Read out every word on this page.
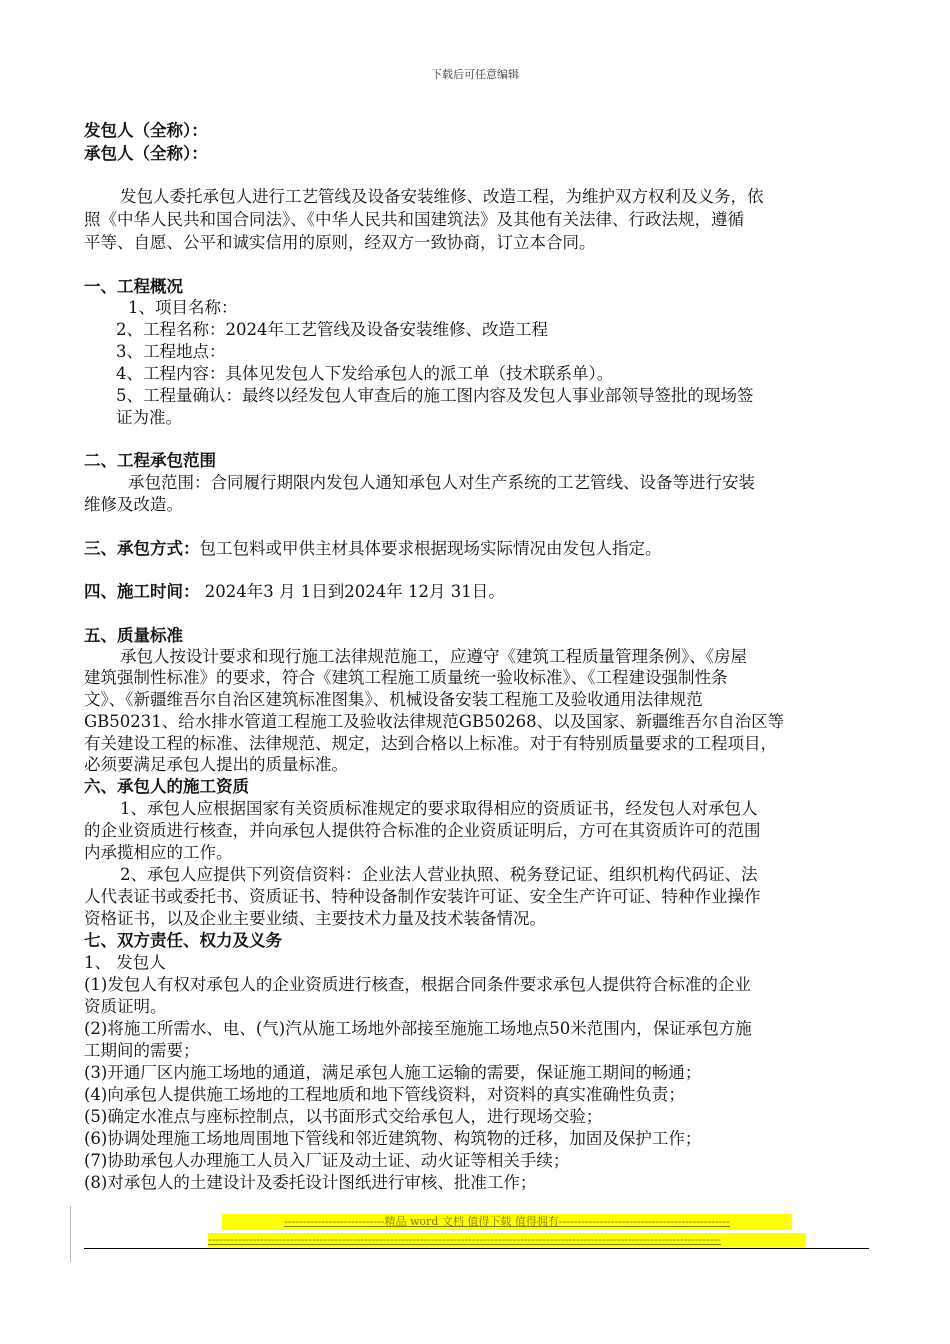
下载后可任意编辑
发包人（全称）：
承包人（全称）：
发包人委托承包人进行工艺管线及设备安装维修、改造工程，为维护双方权利及义务，依
照《中华人民共和国合同法》、《中华人民共和国建筑法》及其他有关法律、行政法规，遵循
平等、自愿、公平和诚实信用的原则，经双方一致协商，订立本合同。
一、工程概况
1、项目名称：
2、工程名称：2024年工艺管线及设备安装维修、改造工程
3、工程地点：
4、工程内容：具体见发包人下发给承包人的派工单（技术联系单）。
5、工程量确认：最终以经发包人审查后的施工图内容及发包人事业部领导签批的现场签
证为准。
二、工程承包范围
承包范围：合同履行期限内发包人通知承包人对生产系统的工艺管线、设备等进行安装
维修及改造。
三、承包方式：包工包料或甲供主材具体要求根据现场实际情况由发包人指定。
四、施工时间： 2024年3 月 1日到2024年 12月 31日。
五、质量标准
承包人按设计要求和现行施工法律规范施工，应遵守《建筑工程质量管理条例》、《房屋
建筑强制性标准》的要求，符合《建筑工程施工质量统一验收标准》、《工程建设强制性条
文》、《新疆维吾尔自治区建筑标准图集》、机械设备安装工程施工及验收通用法律规范
GB50231、给水排水管道工程施工及验收法律规范GB50268、以及国家、新疆维吾尔自治区等
有关建设工程的标准、法律规范、规定，达到合格以上标准。对于有特别质量要求的工程项目，
必须要满足承包人提出的质量标准。
六、承包人的施工资质
1、承包人应根据国家有关资质标准规定的要求取得相应的资质证书，经发包人对承包人
的企业资质进行核查，并向承包人提供符合标准的企业资质证明后，方可在其资质许可的范围
内承揽相应的工作。
2、承包人应提供下列资信资料：企业法人营业执照、税务登记证、组织机构代码证、法
人代表证书或委托书、资质证书、特种设备制作安装许可证、安全生产许可证、特种作业操作
资格证书，以及企业主要业绩、主要技术力量及技术装备情况。
七、双方责任、权力及义务
1、 发包人
(1)发包人有权对承包人的企业资质进行核查，根据合同条件要求承包人提供符合标准的企业
资质证明。
(2)将施工所需水、电、(气)汽从施工场地外部接至施施工场地点50米范围内，保证承包方施
工期间的需要；
(3)开通厂区内施工场地的通道，满足承包人施工运输的需要，保证施工期间的畅通；
(4)向承包人提供施工场地的工程地质和地下管线资料，对资料的真实准确性负责；
(5)确定水准点与座标控制点，以书面形式交给承包人，进行现场交验；
(6)协调处理施工场地周围地下管线和邻近建筑物、构筑物的迁移，加固及保护工作；
(7)协助承包人办理施工人员入厂证及动土证、动火证等相关手续；
(8)对承包人的土建设计及委托设计图纸进行审核、批准工作；
---------------------------精品 word 文档 值得下载 值得拥有----------------------------------------------
------------------------------------------------------------------------------------------------------------------------------------------
